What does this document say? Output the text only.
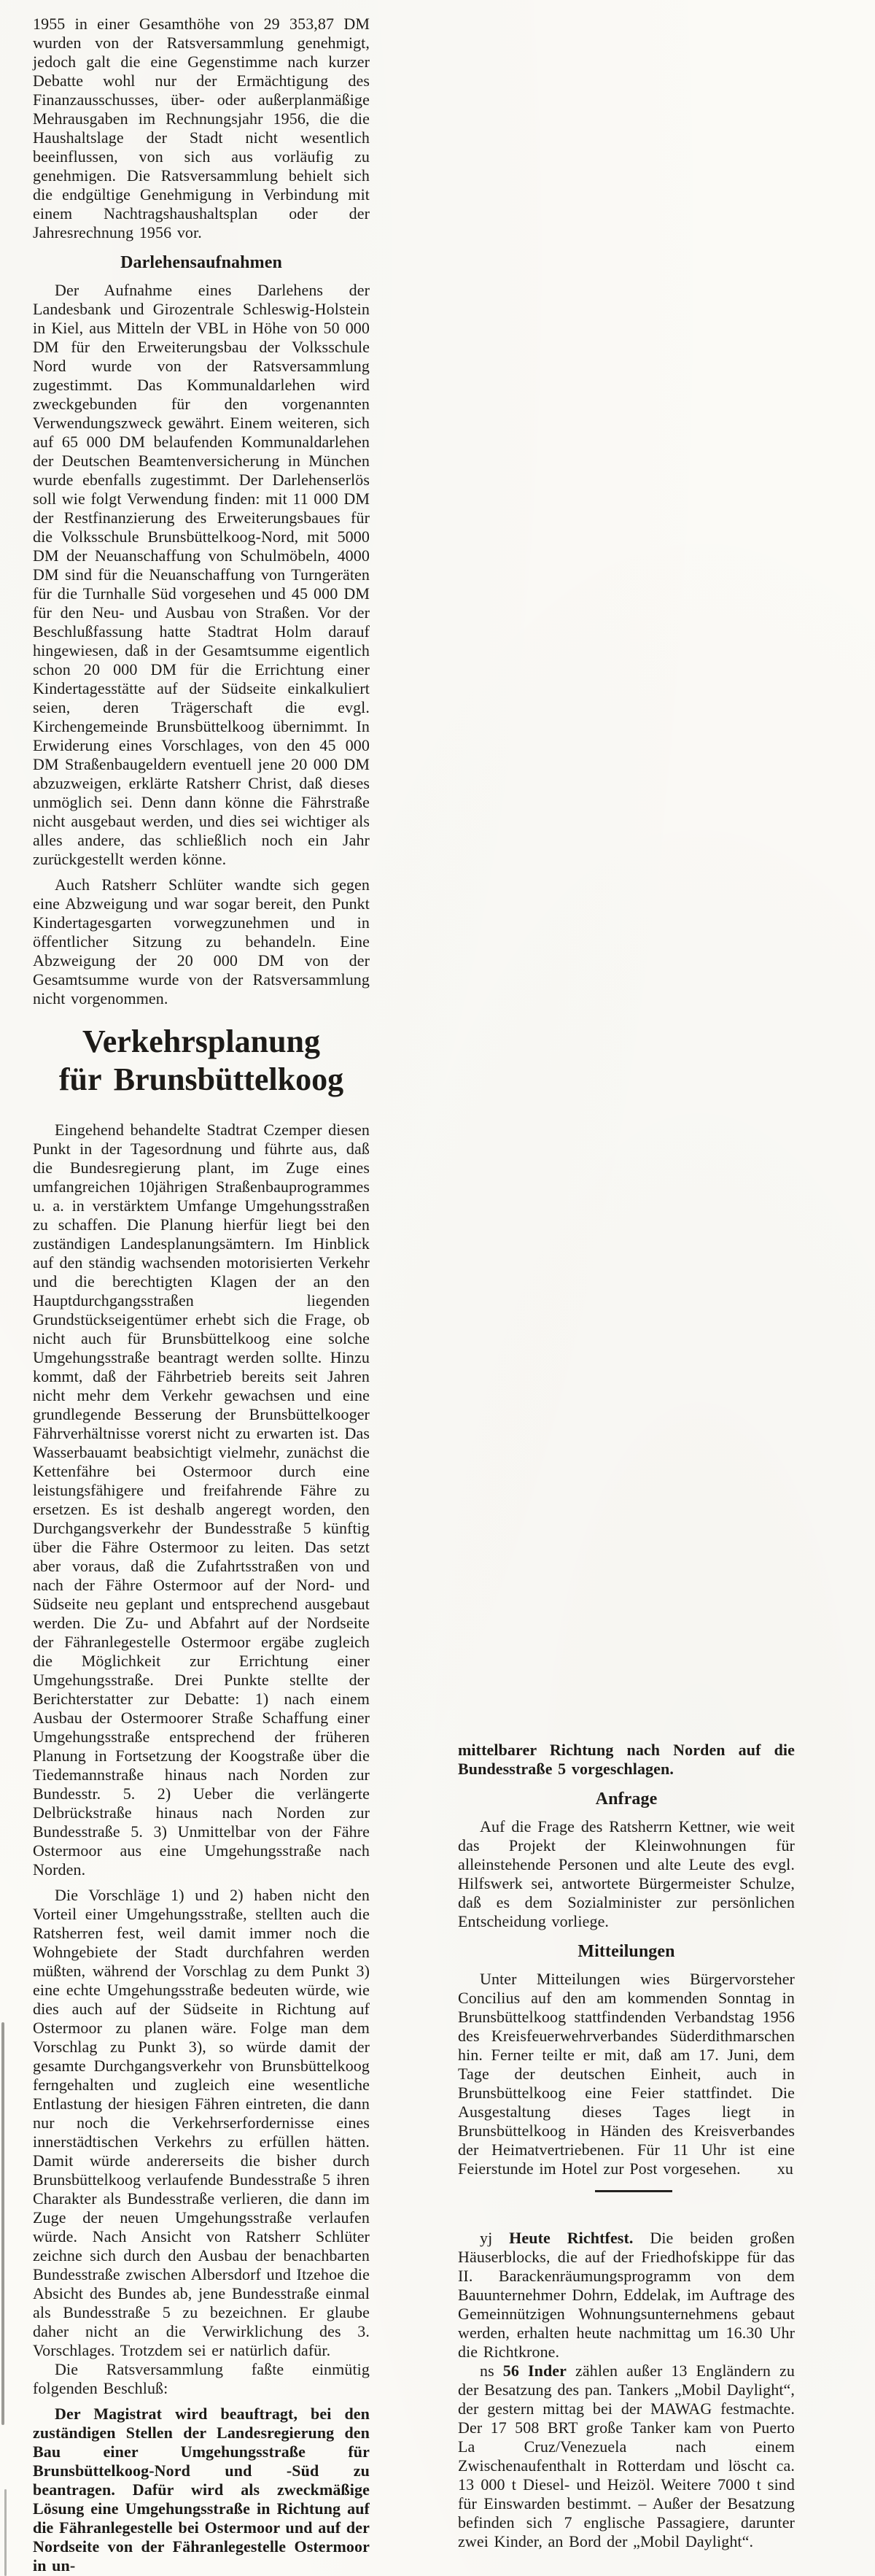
1955 in einer Gesamthöhe von 29 353,87 DM wurden von der Ratsversammlung genehmigt, jedoch galt die eine Gegenstimme nach kurzer Debatte wohl nur der Ermächtigung des Finanzausschusses, über- oder außerplanmäßige Mehrausgaben im Rechnungsjahr 1956, die die Haushaltslage der Stadt nicht wesentlich beeinflussen, von sich aus vorläufig zu genehmigen. Die Ratsversammlung behielt sich die endgültige Genehmigung in Verbindung mit einem Nachtragshaushaltsplan oder der Jahresrechnung 1956 vor.

Darlehensaufnahmen

Der Aufnahme eines Darlehens der Landesbank und Girozentrale Schleswig-Holstein in Kiel, aus Mitteln der VBL in Höhe von 50 000 DM für den Erweiterungsbau der Volksschule Nord wurde von der Ratsversammlung zugestimmt. Das Kommunaldarlehen wird zweckgebunden für den vorgenannten Verwendungszweck gewährt. Einem weiteren, sich auf 65 000 DM belaufenden Kommunaldarlehen der Deutschen Beamtenversicherung in München wurde ebenfalls zugestimmt. Der Darlehenserlös soll wie folgt Verwendung finden: mit 11 000 DM der Restfinanzierung des Erweiterungsbaues für die Volksschule Brunsbüttelkoog-Nord, mit 5000 DM der Neuanschaffung von Schulmöbeln, 4000 DM sind für die Neuanschaffung von Turngeräten für die Turnhalle Süd vorgesehen und 45 000 DM für den Neu- und Ausbau von Straßen. Vor der Beschlußfassung hatte Stadtrat Holm darauf hingewiesen, daß in der Gesamtsumme eigentlich schon 20 000 DM für die Errichtung einer Kindertagesstätte auf der Südseite einkalkuliert seien, deren Trägerschaft die evgl. Kirchengemeinde Brunsbüttelkoog übernimmt. In Erwiderung eines Vorschlages, von den 45 000 DM Straßenbaugeldern eventuell jene 20 000 DM abzuzweigen, erklärte Ratsherr Christ, daß dieses unmöglich sei. Denn dann könne die Fährstraße nicht ausgebaut werden, und dies sei wichtiger als alles andere, das schließlich noch ein Jahr zurückgestellt werden könne.

Auch Ratsherr Schlüter wandte sich gegen eine Abzweigung und war sogar bereit, den Punkt Kindertagesgarten vorwegzunehmen und in öffentlicher Sitzung zu behandeln. Eine Abzweigung der 20 000 DM von der Gesamtsumme wurde von der Ratsversammlung nicht vorgenommen.

Verkehrsplanung
für Brunsbüttelkoog

Eingehend behandelte Stadtrat Czemper diesen Punkt in der Tagesordnung und führte aus, daß die Bundesregierung plant, im Zuge eines umfangreichen 10jährigen Straßenbauprogrammes u. a. in verstärktem Umfange Umgehungsstraßen zu schaffen. Die Planung hierfür liegt bei den zuständigen Landesplanungsämtern. Im Hinblick auf den ständig wachsenden motorisierten Verkehr und die berechtigten Klagen der an den Hauptdurchgangsstraßen liegenden Grundstückseigentümer erhebt sich die Frage, ob nicht auch für Brunsbüttelkoog eine solche Umgehungsstraße beantragt werden sollte. Hinzu kommt, daß der Fährbetrieb bereits seit Jahren nicht mehr dem Verkehr gewachsen und eine grundlegende Besserung der Brunsbüttelkooger Fährverhältnisse vorerst nicht zu erwarten ist. Das Wasserbauamt beabsichtigt vielmehr, zunächst die Kettenfähre bei Ostermoor durch eine leistungsfähigere und freifahrende Fähre zu ersetzen. Es ist deshalb angeregt worden, den Durchgangsverkehr der Bundesstraße 5 künftig über die Fähre Ostermoor zu leiten. Das setzt aber voraus, daß die Zufahrtsstraßen von und nach der Fähre Ostermoor auf der Nord- und Südseite neu geplant und entsprechend ausgebaut werden. Die Zu- und Abfahrt auf der Nordseite der Fähranlegestelle Ostermoor ergäbe zugleich die Möglichkeit zur Errichtung einer Umgehungsstraße. Drei Punkte stellte der Berichterstatter zur Debatte: 1) nach einem Ausbau der Ostermoorer Straße Schaffung einer Umgehungsstraße entsprechend der früheren Planung in Fortsetzung der Koogstraße über die Tiedemannstraße hinaus nach Norden zur Bundesstr. 5. 2) Ueber die verlängerte Delbrückstraße hinaus nach Norden zur Bundesstraße 5. 3) Unmittelbar von der Fähre Ostermoor aus eine Umgehungsstraße nach Norden.

Die Vorschläge 1) und 2) haben nicht den Vorteil einer Umgehungsstraße, stellten auch die Ratsherren fest, weil damit immer noch die Wohngebiete der Stadt durchfahren werden müßten, während der Vorschlag zu dem Punkt 3) eine echte Umgehungsstraße bedeuten würde, wie dies auch auf der Südseite in Richtung auf Ostermoor zu planen wäre. Folge man dem Vorschlag zu Punkt 3), so würde damit der gesamte Durchgangsverkehr von Brunsbüttelkoog ferngehalten und zugleich eine wesentliche Entlastung der hiesigen Fähren eintreten, die dann nur noch die Verkehrserfordernisse eines innerstädtischen Verkehrs zu erfüllen hätten. Damit würde andererseits die bisher durch Brunsbüttelkoog verlaufende Bundesstraße 5 ihren Charakter als Bundesstraße verlieren, die dann im Zuge der neuen Umgehungsstraße verlaufen würde. Nach Ansicht von Ratsherr Schlüter zeichne sich durch den Ausbau der benachbarten Bundesstraße zwischen Albersdorf und Itzehoe die Absicht des Bundes ab, jene Bundesstraße einmal als Bundesstraße 5 zu bezeichnen. Er glaube daher nicht an die Verwirklichung des 3. Vorschlages. Trotzdem sei er natürlich dafür.

Die Ratsversammlung faßte einmütig folgenden Beschluß:

Der Magistrat wird beauftragt, bei den zuständigen Stellen der Landesregierung den Bau einer Umgehungsstraße für Brunsbüttelkoog-Nord und -Süd zu beantragen. Dafür wird als zweckmäßige Lösung eine Umgehungsstraße in Richtung auf die Fähranlegestelle bei Ostermoor und auf der Nordseite von der Fähranlegestelle Ostermoor in un-

mittelbarer Richtung nach Norden auf die Bundesstraße 5 vorgeschlagen.

Anfrage

Auf die Frage des Ratsherrn Kettner, wie weit das Projekt der Kleinwohnungen für alleinstehende Personen und alte Leute des evgl. Hilfswerk sei, antwortete Bürgermeister Schulze, daß es dem Sozialminister zur persönlichen Entscheidung vorliege.

Mitteilungen

Unter Mitteilungen wies Bürgervorsteher Concilius auf den am kommenden Sonntag in Brunsbüttelkoog stattfindenden Verbandstag 1956 des Kreisfeuerwehrverbandes Süderdithmarschen hin. Ferner teilte er mit, daß am 17. Juni, dem Tage der deutschen Einheit, auch in Brunsbüttelkoog eine Feier stattfindet. Die Ausgestaltung dieses Tages liegt in Brunsbüttelkoog in Händen des Kreisverbandes der Heimatvertriebenen. Für 11 Uhr ist eine Feierstunde im Hotel zur Post vorgesehen.	xu

yj Heute Richtfest. Die beiden großen Häuserblocks, die auf der Friedhofskippe für das II. Barackenräumungsprogramm von dem Bauunternehmer Dohrn, Eddelak, im Auftrage des Gemeinnützigen Wohnungsunternehmens gebaut werden, erhalten heute nachmittag um 16.30 Uhr die Richtkrone.

ns 56 Inder zählen außer 13 Engländern zu der Besatzung des pan. Tankers „Mobil Daylight“, der gestern mittag bei der MAWAG festmachte. Der 17 508 BRT große Tanker kam von Puerto La Cruz/Venezuela nach einem Zwischenaufenthalt in Rotterdam und löscht ca. 13 000 t Diesel- und Heizöl. Weitere 7000 t sind für Einswarden bestimmt. – Außer der Besatzung befinden sich 7 englische Passagiere, darunter zwei Kinder, an Bord der „Mobil Daylight“.
